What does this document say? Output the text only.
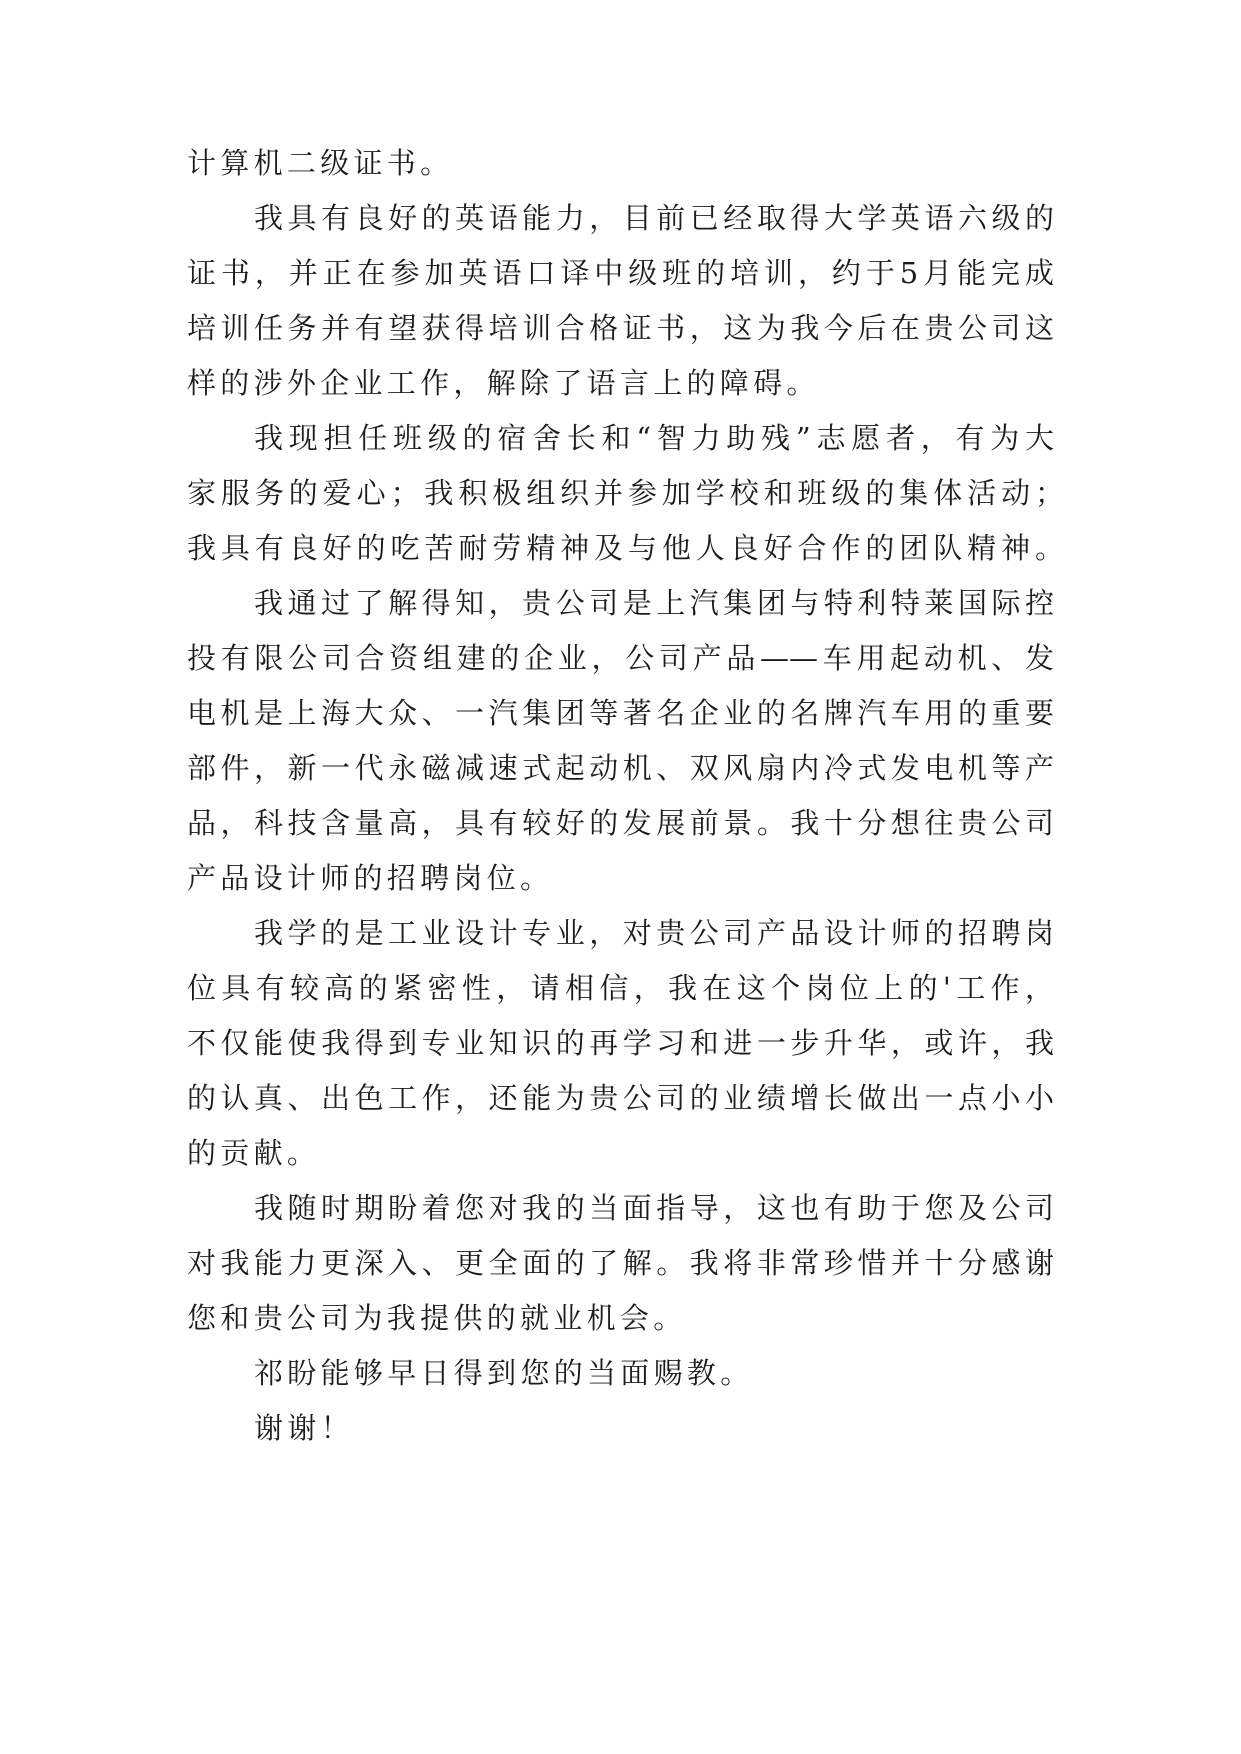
计算机二级证书。
我具有良好的英语能力，目前已经取得大学英语六级的
证书，并正在参加英语口译中级班的培训，约于5月能完成
培训任务并有望获得培训合格证书，这为我今后在贵公司这
样的涉外企业工作，解除了语言上的障碍。
我现担任班级的宿舍长和“智力助残”志愿者，有为大
家服务的爱心；我积极组织并参加学校和班级的集体活动；
我具有良好的吃苦耐劳精神及与他人良好合作的团队精神。
我通过了解得知，贵公司是上汽集团与特利特莱国际控
投有限公司合资组建的企业，公司产品——车用起动机、发
电机是上海大众、一汽集团等著名企业的名牌汽车用的重要
部件，新一代永磁减速式起动机、双风扇内冷式发电机等产
品，科技含量高，具有较好的发展前景。我十分想往贵公司
产品设计师的招聘岗位。
我学的是工业设计专业，对贵公司产品设计师的招聘岗
位具有较高的紧密性，请相信，我在这个岗位上的'工作，
不仅能使我得到专业知识的再学习和进一步升华，或许，我
的认真、出色工作，还能为贵公司的业绩增长做出一点小小
的贡献。
我随时期盼着您对我的当面指导，这也有助于您及公司
对我能力更深入、更全面的了解。我将非常珍惜并十分感谢
您和贵公司为我提供的就业机会。
祁盼能够早日得到您的当面赐教。
谢谢！
